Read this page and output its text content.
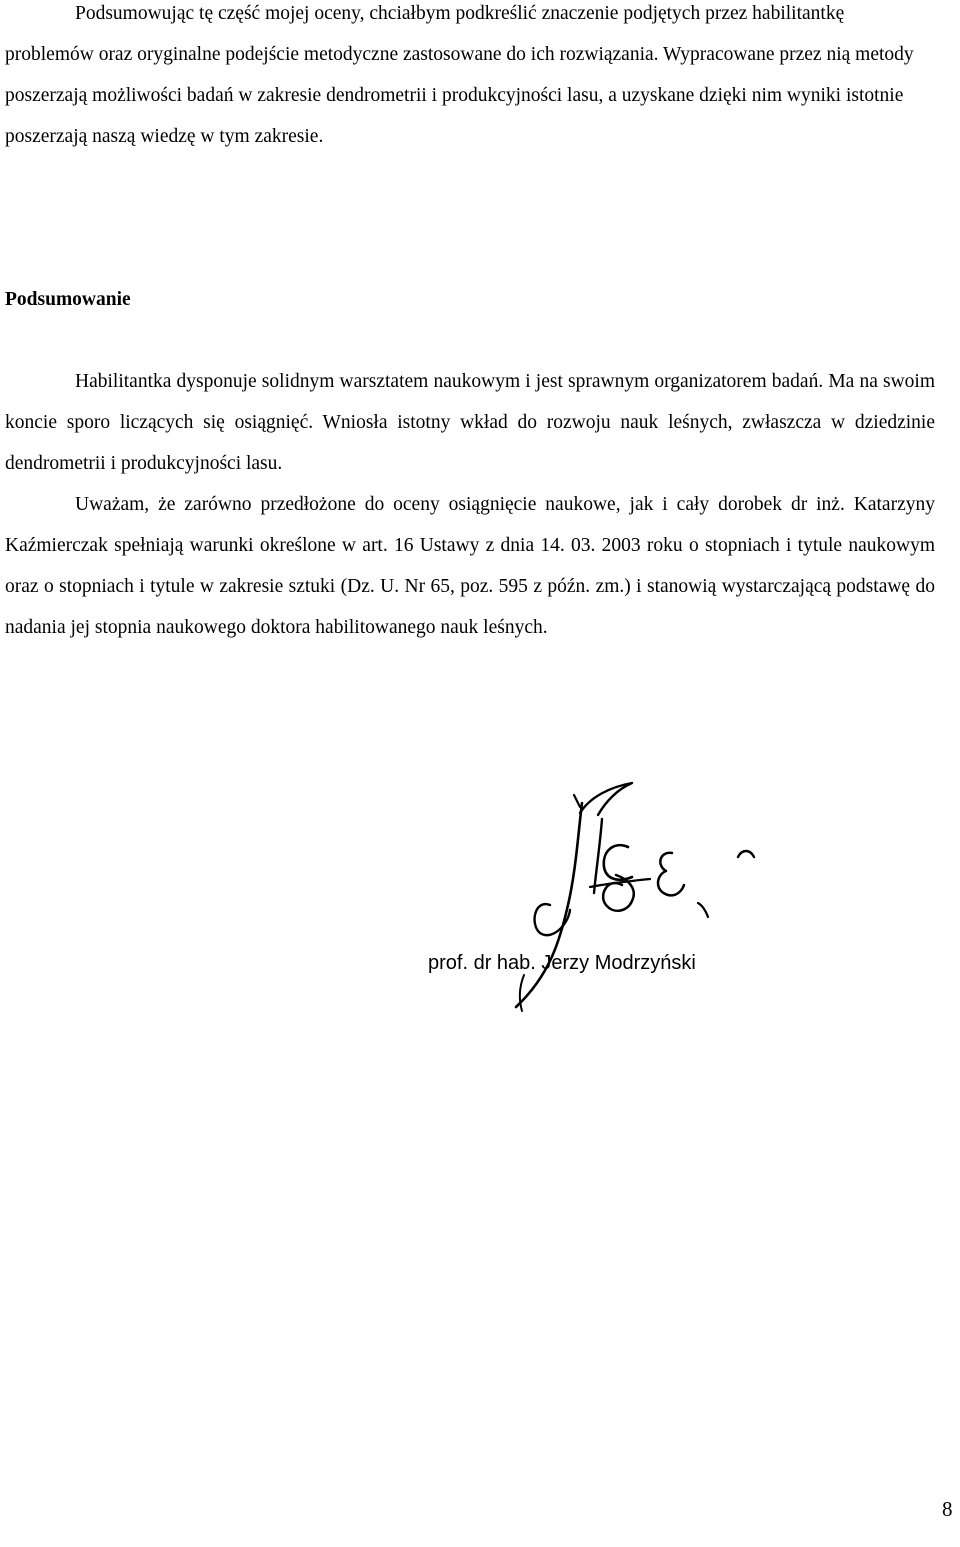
Podsumowując tę część mojej oceny, chciałbym podkreślić znaczenie podjętych przez habilitantkę problemów oraz oryginalne podejście metodyczne zastosowane do ich rozwiązania. Wypracowane przez nią metody poszerzają możliwości badań w zakresie dendrometrii i produkcyjności lasu, a uzyskane dzięki nim wyniki istotnie poszerzają naszą wiedzę w tym zakresie.

Podsumowanie

Habilitantka dysponuje solidnym warsztatem naukowym i jest sprawnym organizatorem badań. Ma na swoim koncie sporo liczących się osiągnięć. Wniosła istotny wkład do rozwoju nauk leśnych, zwłaszcza w dziedzinie dendrometrii i produkcyjności lasu.

Uważam, że zarówno przedłożone do oceny osiągnięcie naukowe, jak i cały dorobek dr inż. Katarzyny Kaźmierczak spełniają warunki określone w art. 16 Ustawy z dnia 14. 03. 2003 roku o stopniach i tytule naukowym oraz o stopniach i tytule w zakresie sztuki (Dz. U. Nr 65, poz. 595 z późn. zm.) i stanowią wystarczającą podstawę do nadania jej stopnia naukowego doktora habilitowanego nauk leśnych.

prof. dr hab. Jerzy Modrzyński

8
